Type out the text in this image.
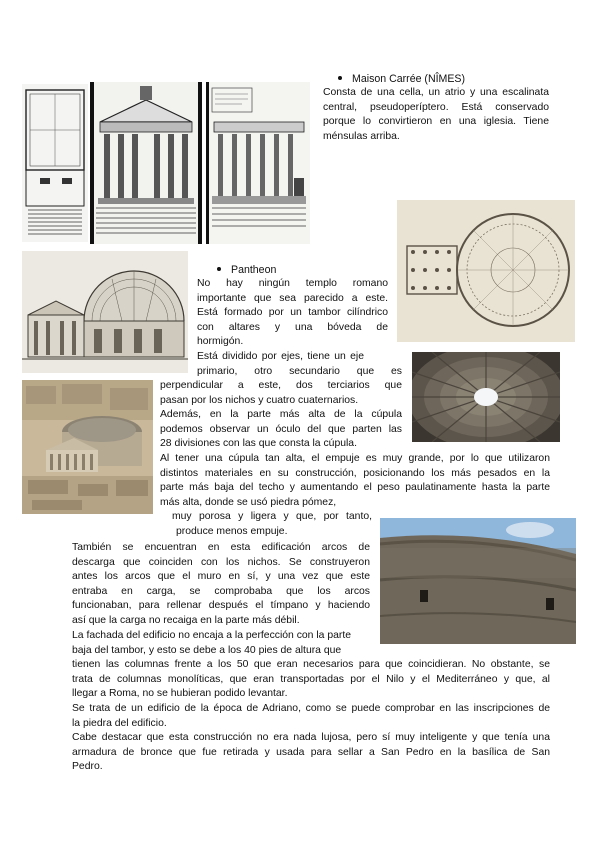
Maison Carrée (NÎMES)
Consta de una cella, un atrio y una escalinata
central, pseudoperíptero. Está conservado
porque lo convirtieron en una iglesia. Tiene
ménsulas arriba.
Pantheon
No hay ningún templo romano
importante que sea parecido a este.
Está formado por un tambor cilíndrico
con altares y una bóveda de
hormigón.
Está dividido por ejes, tiene un eje
primario, otro secundario que es
perpendicular a este, dos terciarios que
pasan por los nichos y cuatro cuaternarios.
Además, en la parte más alta de la cúpula
podemos observar un óculo del que parten las
28 divisiones con las que consta la cúpula.
Al tener una cúpula tan alta, el empuje es muy grande, por lo que utilizaron
distintos materiales en su construcción, posicionando los más pesados en la
parte más baja del techo y aumentando el peso paulatinamente hasta la parte
más alta, donde se usó piedra pómez,
muy porosa y ligera y que, por tanto,
produce menos empuje.
También se encuentran en esta edificación arcos de
descarga que coinciden con los nichos. Se construyeron
antes los arcos que el muro en sí, y una vez que este
entraba en carga, se comprobaba que los arcos
funcionaban, para rellenar después el tímpano y haciendo
así que la carga no recaiga en la parte más débil.
La fachada del edificio no encaja a la perfección con la parte
baja del tambor, y esto se debe a los 40 pies de altura que
tienen las columnas frente a los 50 que eran necesarios para que coincidieran. No obstante, se
trata de columnas monolíticas, que eran transportadas por el Nilo y el Mediterráneo y que, al
llegar a Roma, no se hubieran podido levantar.
Se trata de un edificio de la época de Adriano, como se puede comprobar en las inscripciones de
la piedra del edificio.
Cabe destacar que esta construcción no era nada lujosa, pero sí muy inteligente y que tenía una
armadura de bronce que fue retirada y usada para sellar a San Pedro en la basílica de San
Pedro.
